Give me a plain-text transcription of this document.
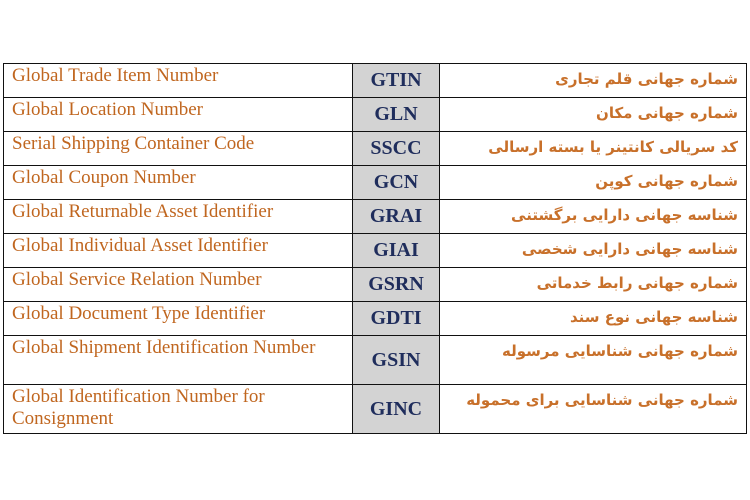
Global Trade Item Number	GTIN	شماره جهانی قلم تجاری
Global Location Number	GLN	شماره جهانی مکان
Serial Shipping Container Code	SSCC	کد سریالی کانتینر یا بسته ارسالی
Global Coupon Number	GCN	شماره جهانی کوپن
Global Returnable Asset Identifier	GRAI	شناسه جهانی دارایی برگشتنی
Global Individual Asset Identifier	GIAI	شناسه جهانی دارایی شخصی
Global Service Relation Number	GSRN	شماره جهانی رابط خدماتی
Global Document Type Identifier	GDTI	شناسه جهانی نوع سند
Global Shipment Identification Number	GSIN	شماره جهانی شناسایی مرسوله
Global Identification Number for Consignment	GINC	شماره جهانی شناسایی برای محموله
